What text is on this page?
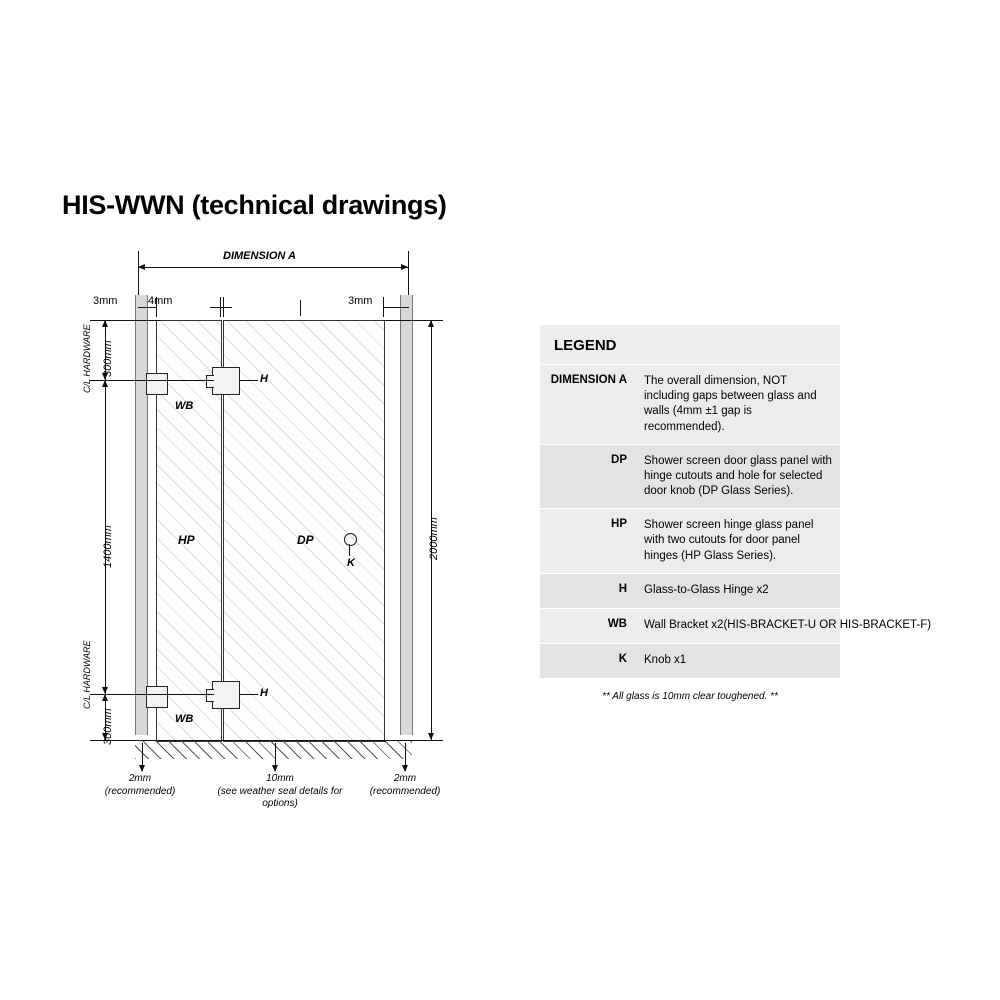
HIS-WWN (technical drawings)
DIMENSION A
3mm	4mm	3mm
HP	DP
H
H
WB
WB
K
300mm
C/L HARDWARE
1400mm
300mm
C/L HARDWARE
2000mm
2mm
(recommended)
10mm
(see weather seal details for options)
2mm
(recommended)
LEGEND
DIMENSION A	The overall dimension, NOT including gaps between glass and walls (4mm ±1 gap is recommended).
DP	Shower screen door glass panel with hinge cutouts and hole for selected door knob (DP Glass Series).
HP	Shower screen hinge glass panel with two cutouts for door panel hinges (HP Glass Series).
H	Glass-to-Glass Hinge x2
WB	Wall Bracket x2(HIS-BRACKET-U OR HIS-BRACKET-F)
K	Knob x1
** All glass is 10mm clear toughened. **
